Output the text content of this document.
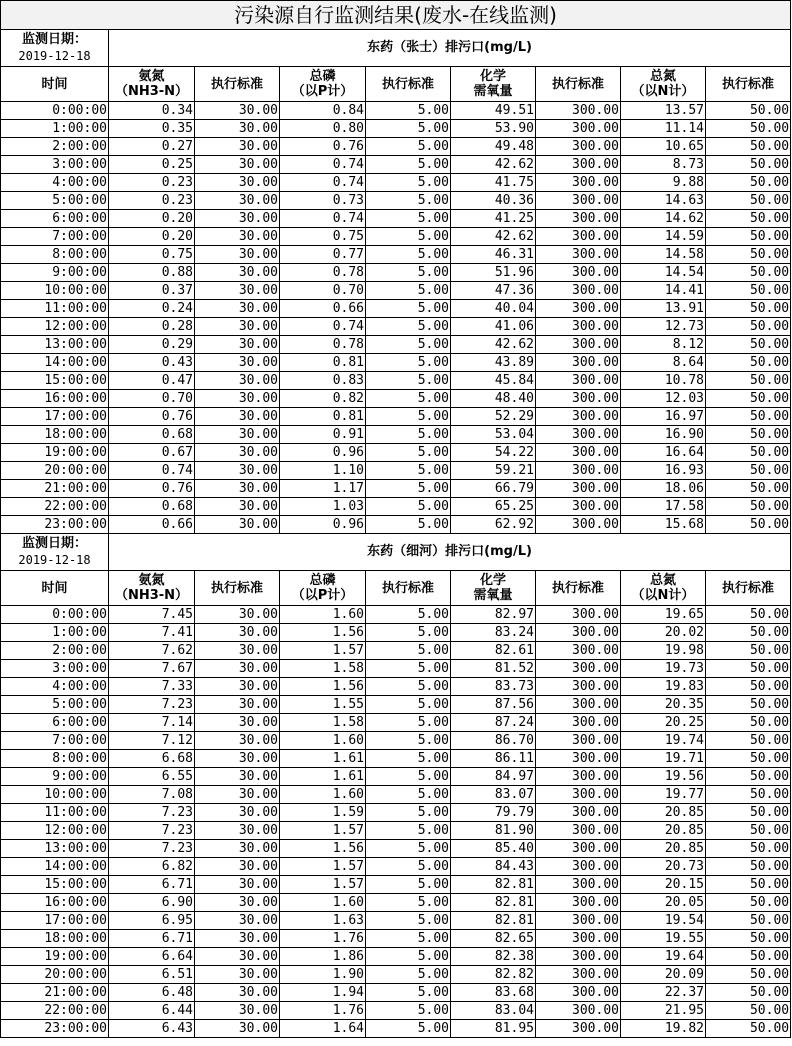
污染源自行监测结果(废水-在线监测)								

监测日期：
2019-12-18	东药（张士）排污口(mg/L)							

时间	氨氮
（NH3-N）	执行标准	总磷
（以P计）	执行标准	化学
需氧量	执行标准	总氮
（以N计）	执行标准

0:00:00	0.34	30.00	0.84	5.00	49.51	300.00	13.57	50.00
1:00:00	0.35	30.00	0.80	5.00	53.90	300.00	11.14	50.00
2:00:00	0.27	30.00	0.76	5.00	49.48	300.00	10.65	50.00
3:00:00	0.25	30.00	0.74	5.00	42.62	300.00	8.73	50.00
4:00:00	0.23	30.00	0.74	5.00	41.75	300.00	9.88	50.00
5:00:00	0.23	30.00	0.73	5.00	40.36	300.00	14.63	50.00
6:00:00	0.20	30.00	0.74	5.00	41.25	300.00	14.62	50.00
7:00:00	0.20	30.00	0.75	5.00	42.62	300.00	14.59	50.00
8:00:00	0.75	30.00	0.77	5.00	46.31	300.00	14.58	50.00
9:00:00	0.88	30.00	0.78	5.00	51.96	300.00	14.54	50.00
10:00:00	0.37	30.00	0.70	5.00	47.36	300.00	14.41	50.00
11:00:00	0.24	30.00	0.66	5.00	40.04	300.00	13.91	50.00
12:00:00	0.28	30.00	0.74	5.00	41.06	300.00	12.73	50.00
13:00:00	0.29	30.00	0.78	5.00	42.62	300.00	8.12	50.00
14:00:00	0.43	30.00	0.81	5.00	43.89	300.00	8.64	50.00
15:00:00	0.47	30.00	0.83	5.00	45.84	300.00	10.78	50.00
16:00:00	0.70	30.00	0.82	5.00	48.40	300.00	12.03	50.00
17:00:00	0.76	30.00	0.81	5.00	52.29	300.00	16.97	50.00
18:00:00	0.68	30.00	0.91	5.00	53.04	300.00	16.90	50.00
19:00:00	0.67	30.00	0.96	5.00	54.22	300.00	16.64	50.00
20:00:00	0.74	30.00	1.10	5.00	59.21	300.00	16.93	50.00
21:00:00	0.76	30.00	1.17	5.00	66.79	300.00	18.06	50.00
22:00:00	0.68	30.00	1.03	5.00	65.25	300.00	17.58	50.00
23:00:00	0.66	30.00	0.96	5.00	62.92	300.00	15.68	50.00

监测日期：
2019-12-18	东药（细河）排污口(mg/L)							

时间	氨氮
（NH3-N）	执行标准	总磷
（以P计）	执行标准	化学
需氧量	执行标准	总氮
（以N计）	执行标准

0:00:00	7.45	30.00	1.60	5.00	82.97	300.00	19.65	50.00
1:00:00	7.41	30.00	1.56	5.00	83.24	300.00	20.02	50.00
2:00:00	7.62	30.00	1.57	5.00	82.61	300.00	19.98	50.00
3:00:00	7.67	30.00	1.58	5.00	81.52	300.00	19.73	50.00
4:00:00	7.33	30.00	1.56	5.00	83.73	300.00	19.83	50.00
5:00:00	7.23	30.00	1.55	5.00	87.56	300.00	20.35	50.00
6:00:00	7.14	30.00	1.58	5.00	87.24	300.00	20.25	50.00
7:00:00	7.12	30.00	1.60	5.00	86.70	300.00	19.74	50.00
8:00:00	6.68	30.00	1.61	5.00	86.11	300.00	19.71	50.00
9:00:00	6.55	30.00	1.61	5.00	84.97	300.00	19.56	50.00
10:00:00	7.08	30.00	1.60	5.00	83.07	300.00	19.77	50.00
11:00:00	7.23	30.00	1.59	5.00	79.79	300.00	20.85	50.00
12:00:00	7.23	30.00	1.57	5.00	81.90	300.00	20.85	50.00
13:00:00	7.23	30.00	1.56	5.00	85.40	300.00	20.85	50.00
14:00:00	6.82	30.00	1.57	5.00	84.43	300.00	20.73	50.00
15:00:00	6.71	30.00	1.57	5.00	82.81	300.00	20.15	50.00
16:00:00	6.90	30.00	1.60	5.00	82.81	300.00	20.05	50.00
17:00:00	6.95	30.00	1.63	5.00	82.81	300.00	19.54	50.00
18:00:00	6.71	30.00	1.76	5.00	82.65	300.00	19.55	50.00
19:00:00	6.64	30.00	1.86	5.00	82.38	300.00	19.64	50.00
20:00:00	6.51	30.00	1.90	5.00	82.82	300.00	20.09	50.00
21:00:00	6.48	30.00	1.94	5.00	83.68	300.00	22.37	50.00
22:00:00	6.44	30.00	1.76	5.00	83.04	300.00	21.95	50.00
23:00:00	6.43	30.00	1.64	5.00	81.95	300.00	19.82	50.00
